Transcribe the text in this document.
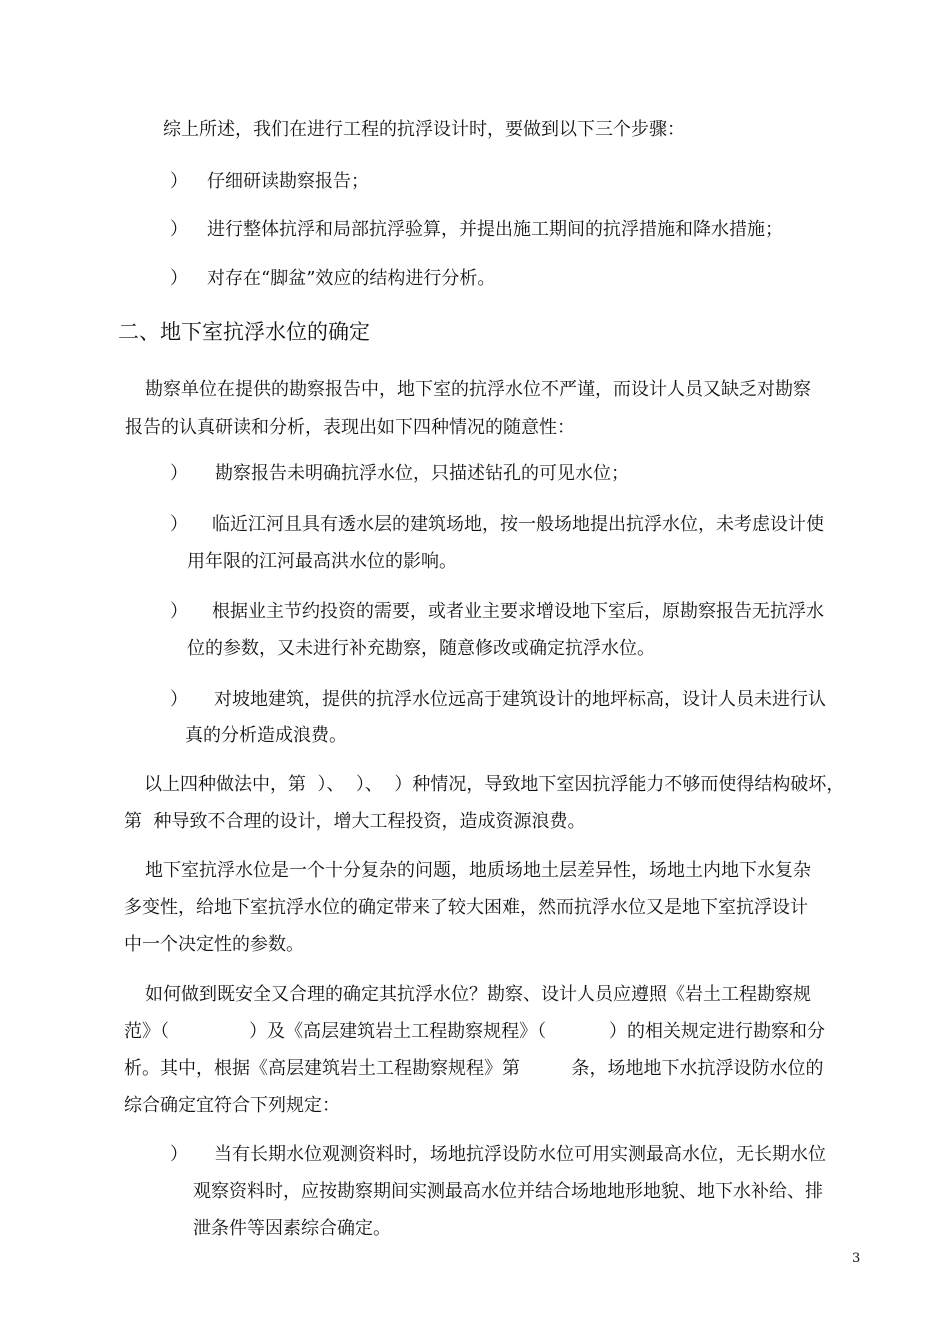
综上所述，我们在进行工程的抗浮设计时，要做到以下三个步骤：
） 仔细研读勘察报告；
） 进行整体抗浮和局部抗浮验算，并提出施工期间的抗浮措施和降水措施；
） 对存在“脚盆”效应的结构进行分析。
二、地下室抗浮水位的确定
勘察单位在提供的勘察报告中，地下室的抗浮水位不严谨，而设计人员又缺乏对勘察
报告的认真研读和分析，表现出如下四种情况的随意性：
） 勘察报告未明确抗浮水位，只描述钻孔的可见水位；
） 临近江河且具有透水层的建筑场地，按一般场地提出抗浮水位，未考虑设计使
用年限的江河最高洪水位的影响。
） 根据业主节约投资的需要，或者业主要求增设地下室后，原勘察报告无抗浮水
位的参数，又未进行补充勘察，随意修改或确定抗浮水位。
） 对坡地建筑，提供的抗浮水位远高于建筑设计的地坪标高，设计人员未进行认
真的分析造成浪费。
以上四种做法中，第  ）、  ）、  ）种情况，导致地下室因抗浮能力不够而使得结构破坏，
第  种导致不合理的设计，增大工程投资，造成资源浪费。
地下室抗浮水位是一个十分复杂的问题，地质场地土层差异性，场地土内地下水复杂
多变性，给地下室抗浮水位的确定带来了较大困难，然而抗浮水位又是地下室抗浮设计
中一个决定性的参数。
如何做到既安全又合理的确定其抗浮水位？勘察、设计人员应遵照《岩土工程勘察规
范》（              ）及《高层建筑岩土工程勘察规程》（           ）的相关规定进行勘察和分
析。其中，根据《高层建筑岩土工程勘察规程》第         条，场地地下水抗浮设防水位的
综合确定宜符合下列规定：
） 当有长期水位观测资料时，场地抗浮设防水位可用实测最高水位，无长期水位
观察资料时，应按勘察期间实测最高水位并结合场地地形地貌、地下水补给、排
泄条件等因素综合确定。
3
